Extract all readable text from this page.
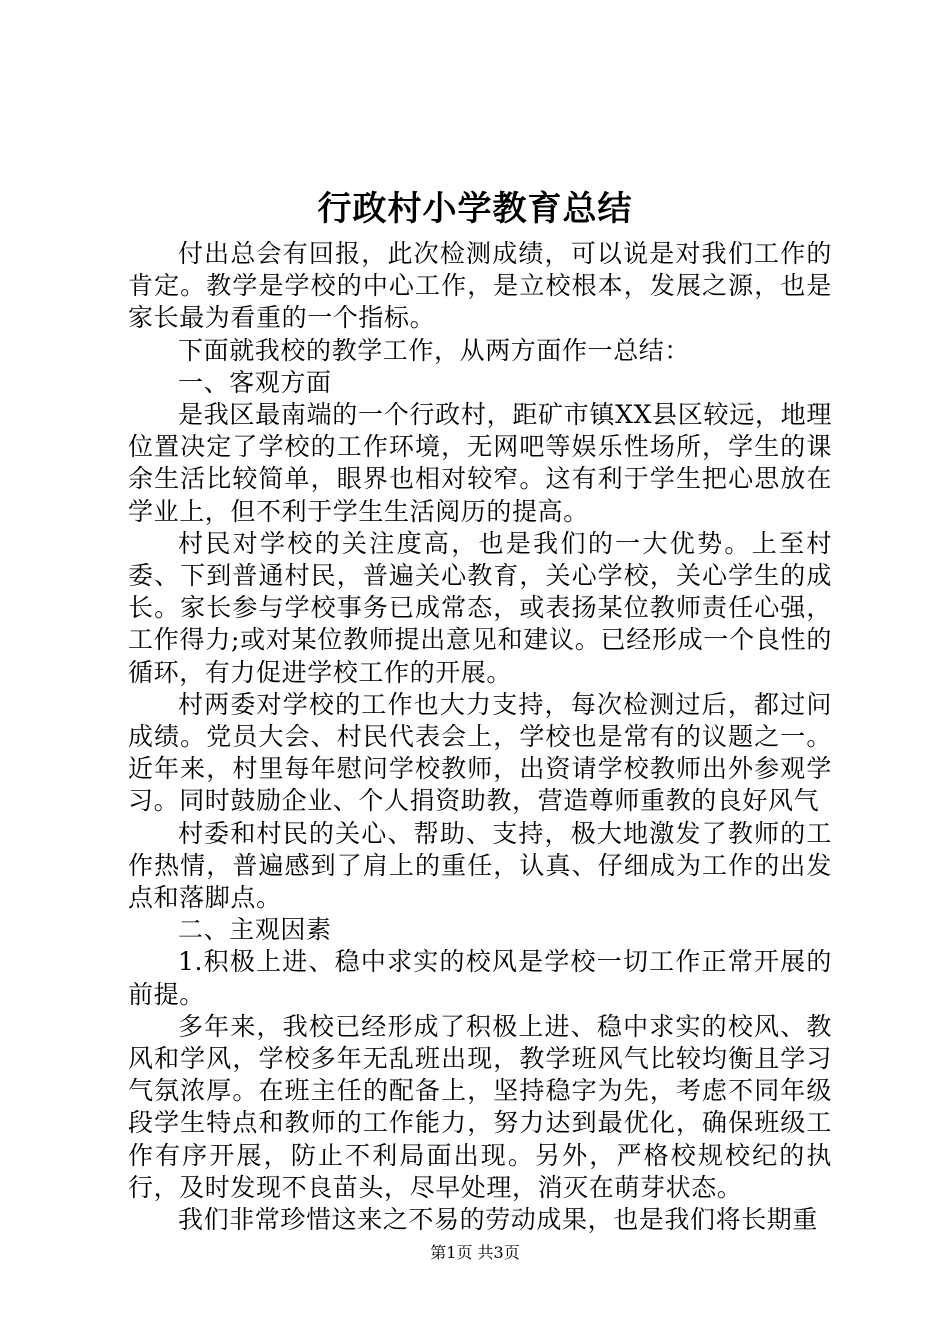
行政村小学教育总结

付出总会有回报，此次检测成绩，可以说是对我们工作的肯定。教学是学校的中心工作，是立校根本，发展之源，也是家长最为看重的一个指标。

下面就我校的教学工作，从两方面作一总结：

一、客观方面

是我区最南端的一个行政村，距矿市镇XX县区较远，地理位置决定了学校的工作环境，无网吧等娱乐性场所，学生的课余生活比较简单，眼界也相对较窄。这有利于学生把心思放在学业上，但不利于学生生活阅历的提高。

村民对学校的关注度高，也是我们的一大优势。上至村委、下到普通村民，普遍关心教育，关心学校，关心学生的成长。家长参与学校事务已成常态，或表扬某位教师责任心强，工作得力;或对某位教师提出意见和建议。已经形成一个良性的循环，有力促进学校工作的开展。

村两委对学校的工作也大力支持，每次检测过后，都过问成绩。党员大会、村民代表会上，学校也是常有的议题之一。近年来，村里每年慰问学校教师，出资请学校教师出外参观学习。同时鼓励企业、个人捐资助教，营造尊师重教的良好风气

村委和村民的关心、帮助、支持，极大地激发了教师的工作热情，普遍感到了肩上的重任，认真、仔细成为工作的出发点和落脚点。

二、主观因素

1.积极上进、稳中求实的校风是学校一切工作正常开展的前提。

多年来，我校已经形成了积极上进、稳中求实的校风、教风和学风，学校多年无乱班出现，教学班风气比较均衡且学习气氛浓厚。在班主任的配备上，坚持稳字为先，考虑不同年级段学生特点和教师的工作能力，努力达到最优化，确保班级工作有序开展，防止不利局面出现。另外，严格校规校纪的执行，及时发现不良苗头，尽早处理，消灭在萌芽状态。

我们非常珍惜这来之不易的劳动成果，也是我们将长期重

第1页 共3页
